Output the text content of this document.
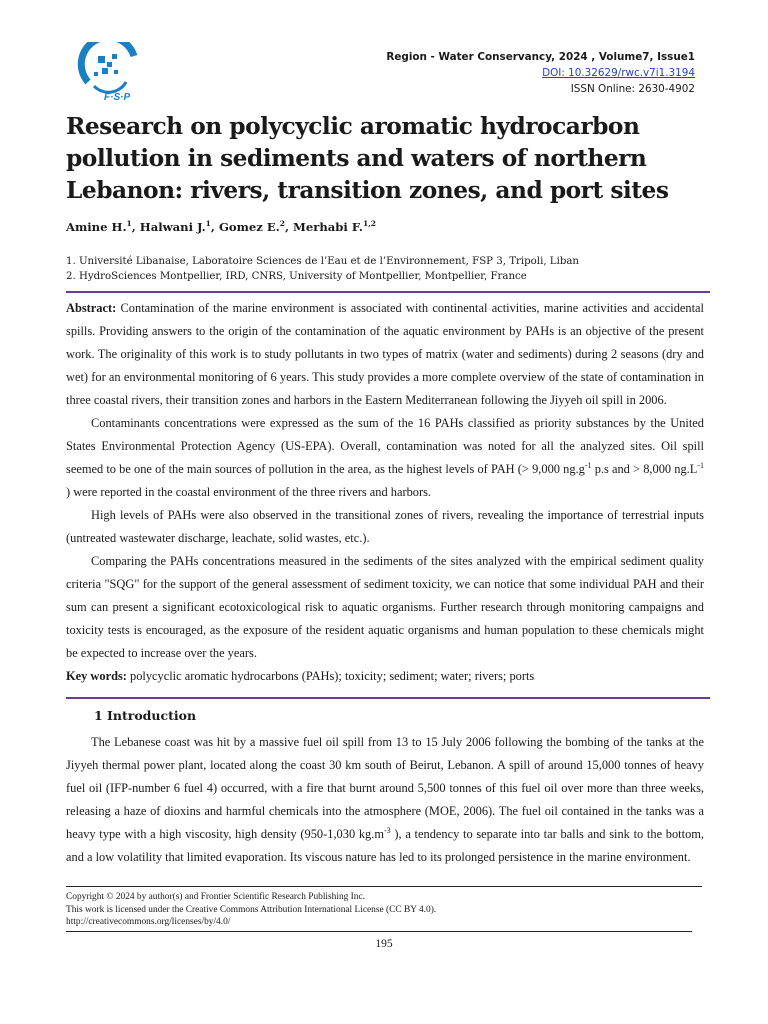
F·S·P
Region - Water Conservancy, 2024 , Volume7, Issue1
DOI: 10.32629/rwc.v7i1.3194
ISSN Online: 2630-4902
Research on polycyclic aromatic hydrocarbon pollution in sediments and waters of northern Lebanon: rivers, transition zones, and port sites
Amine H.$^1$, Halwani J.$^1$, Gomez E.$^2$, Merhabi F.$^{1,2}$
1. Université Libanaise, Laboratoire Sciences de l’Eau et de l’Environnement, FSP 3, Tripoli, Liban
2. HydroSciences Montpellier, IRD, CNRS, University of Montpellier, Montpellier, France

Abstract: Contamination of the marine environment is associated with continental activities, marine activities and accidental spills. Providing answers to the origin of the contamination of the aquatic environment by PAHs is an objective of the present work. The originality of this work is to study pollutants in two types of matrix (water and sediments) during 2 seasons (dry and wet) for an environmental monitoring of 6 years. This study provides a more complete overview of the state of contamination in three coastal rivers, their transition zones and harbors in the Eastern Mediterranean following the Jiyyeh oil spill in 2006.

Contaminants concentrations were expressed as the sum of the 16 PAHs classified as priority substances by the United States Environmental Protection Agency (US-EPA). Overall, contamination was noted for all the analyzed sites. Oil spill seemed to be one of the main sources of pollution in the area, as the highest levels of PAH (> 9,000 $ng.g^{-1}$ p.s and > 8,000 $ng.L^{-1}$ ) were reported in the coastal environment of the three rivers and harbors.

High levels of PAHs were also observed in the transitional zones of rivers, revealing the importance of terrestrial inputs (untreated wastewater discharge, leachate, solid wastes, etc.).

Comparing the PAHs concentrations measured in the sediments of the sites analyzed with the empirical sediment quality criteria "SQG" for the support of the general assessment of sediment toxicity, we can notice that some individual PAH and their sum can present a significant ecotoxicological risk to aquatic organisms. Further research through monitoring campaigns and toxicity tests is encouraged, as the exposure of the resident aquatic organisms and human population to these chemicals might be expected to increase over the years.

Key words: polycyclic aromatic hydrocarbons (PAHs); toxicity; sediment; water; rivers; ports

1 Introduction

The Lebanese coast was hit by a massive fuel oil spill from 13 to 15 July 2006 following the bombing of the tanks at the Jiyyeh thermal power plant, located along the coast 30 km south of Beirut, Lebanon. A spill of around 15,000 tonnes of heavy fuel oil (IFP-number 6 fuel 4) occurred, with a fire that burnt around 5,500 tonnes of this fuel oil over more than three weeks, releasing a haze of dioxins and harmful chemicals into the atmosphere (MOE, 2006). The fuel oil contained in the tanks was a heavy type with a high viscosity, high density (950-1,030 $kg.m^{-3}$ ), a tendency to separate into tar balls and sink to the bottom, and a low volatility that limited evaporation. Its viscous nature has led to its prolonged persistence in the marine environment.

Copyright © 2024 by author(s) and Frontier Scientific Research Publishing Inc.
This work is licensed under the Creative Commons Attribution International License (CC BY 4.0).
http://creativecommons.org/licenses/by/4.0/
195
